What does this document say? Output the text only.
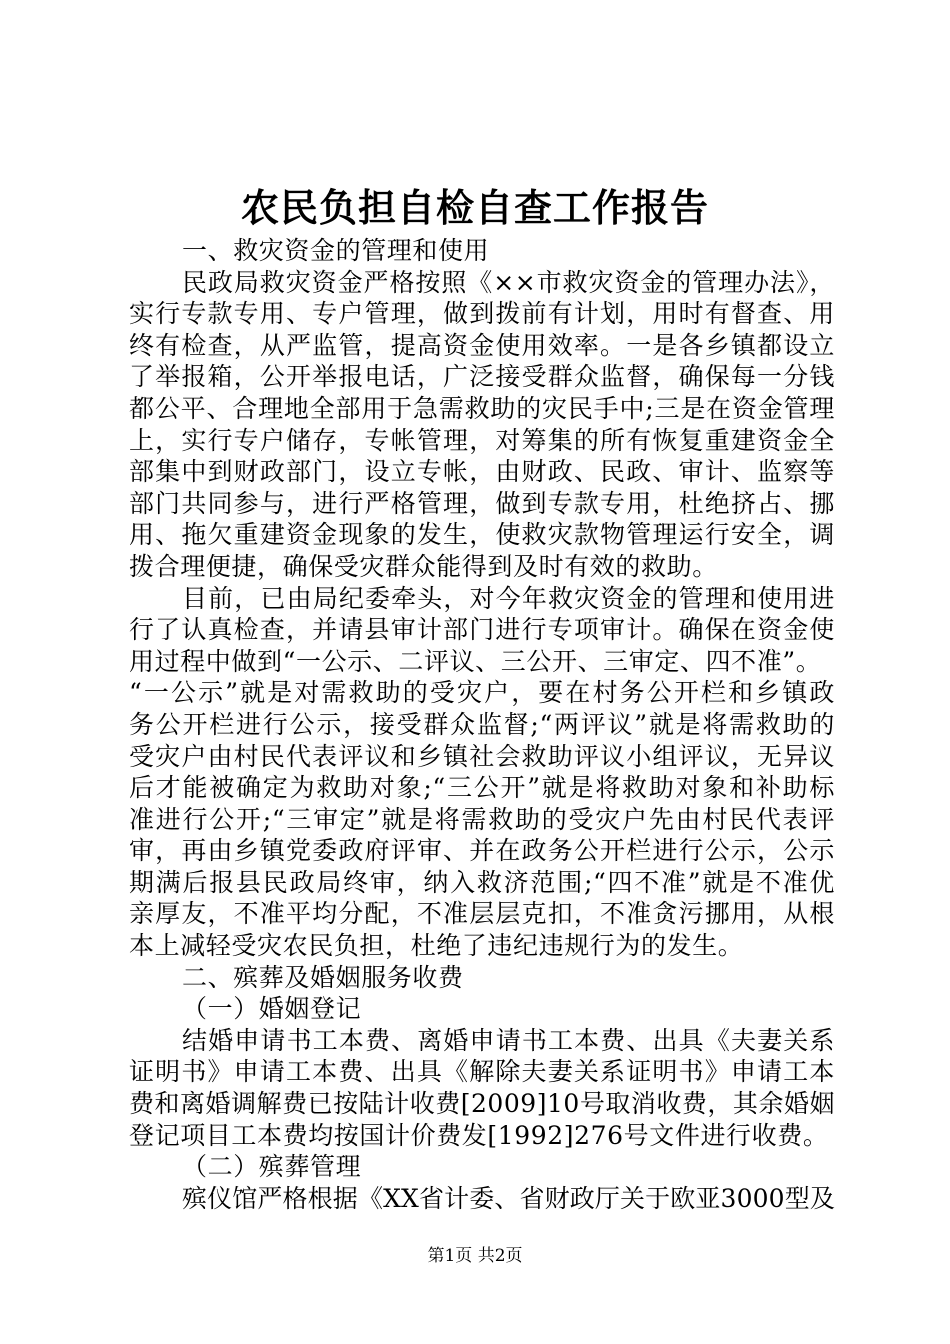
农民负担自检自查工作报告
一、救灾资金的管理和使用
民政局救灾资金严格按照《××市救灾资金的管理办法》，
实行专款专用、专户管理，做到拨前有计划，用时有督查、用
终有检查，从严监管，提高资金使用效率。一是各乡镇都设立
了举报箱，公开举报电话，广泛接受群众监督，确保每一分钱
都公平、合理地全部用于急需救助的灾民手中;三是在资金管理
上，实行专户储存，专帐管理，对筹集的所有恢复重建资金全
部集中到财政部门，设立专帐，由财政、民政、审计、监察等
部门共同参与，进行严格管理，做到专款专用，杜绝挤占、挪
用、拖欠重建资金现象的发生，使救灾款物管理运行安全，调
拨合理便捷，确保受灾群众能得到及时有效的救助。
目前，已由局纪委牵头，对今年救灾资金的管理和使用进
行了认真检查，并请县审计部门进行专项审计。确保在资金使
用过程中做到“一公示、二评议、三公开、三审定、四不准”。
“一公示”就是对需救助的受灾户，要在村务公开栏和乡镇政
务公开栏进行公示，接受群众监督;“两评议”就是将需救助的
受灾户由村民代表评议和乡镇社会救助评议小组评议，无异议
后才能被确定为救助对象;“三公开”就是将救助对象和补助标
准进行公开;“三审定”就是将需救助的受灾户先由村民代表评
审，再由乡镇党委政府评审、并在政务公开栏进行公示，公示
期满后报县民政局终审，纳入救济范围;“四不准”就是不准优
亲厚友，不准平均分配，不准层层克扣，不准贪污挪用，从根
本上减轻受灾农民负担，杜绝了违纪违规行为的发生。
二、殡葬及婚姻服务收费
（一）婚姻登记
结婚申请书工本费、离婚申请书工本费、出具《夫妻关系
证明书》申请工本费、出具《解除夫妻关系证明书》申请工本
费和离婚调解费已按陆计收费[2009]10号取消收费，其余婚姻
登记项目工本费均按国计价费发[1992]276号文件进行收费。
（二）殡葬管理
殡仪馆严格根据《XX省计委、省财政厅关于欧亚3000型及
第1页 共2页
